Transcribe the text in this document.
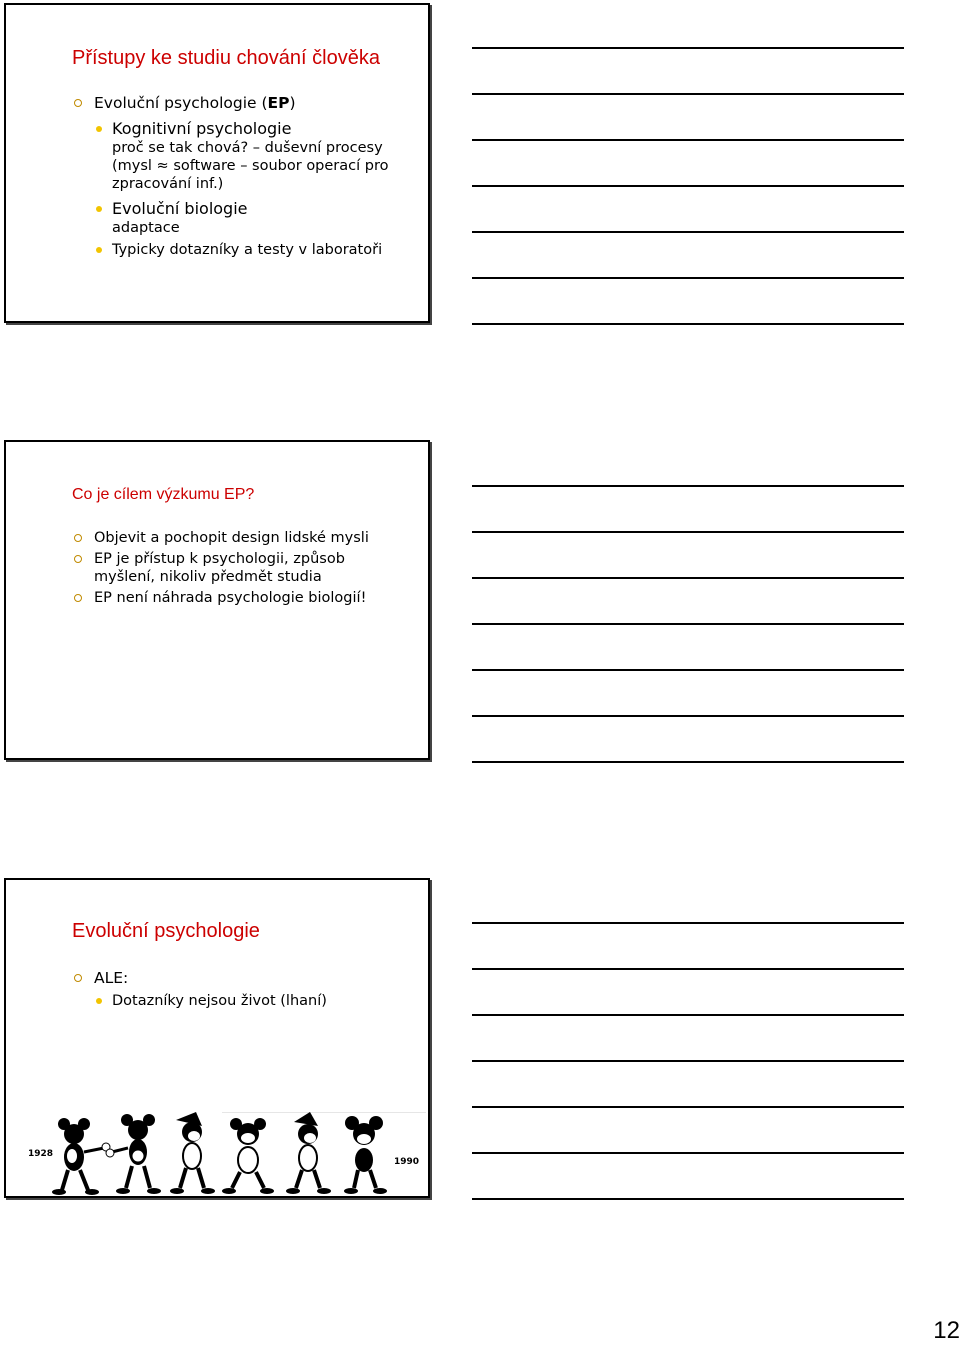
Přístupy ke studiu chování člověka
Evoluční psychologie (EP)
Kognitivní psychologie
proč se tak chová? – duševní procesy (mysl ≈ software – soubor operací pro zpracování inf.)
Evoluční biologie
adaptace
Typicky dotazníky a testy v laboratoři
Co je cílem výzkumu EP?
Objevit a pochopit design lidské mysli
EP je přístup k psychologii, způsob myšlení, nikoliv předmět studia
EP není náhrada psychologie biologií!
Evoluční psychologie
ALE:
Dotazníky nejsou život (lhaní)
1928
1990
12
